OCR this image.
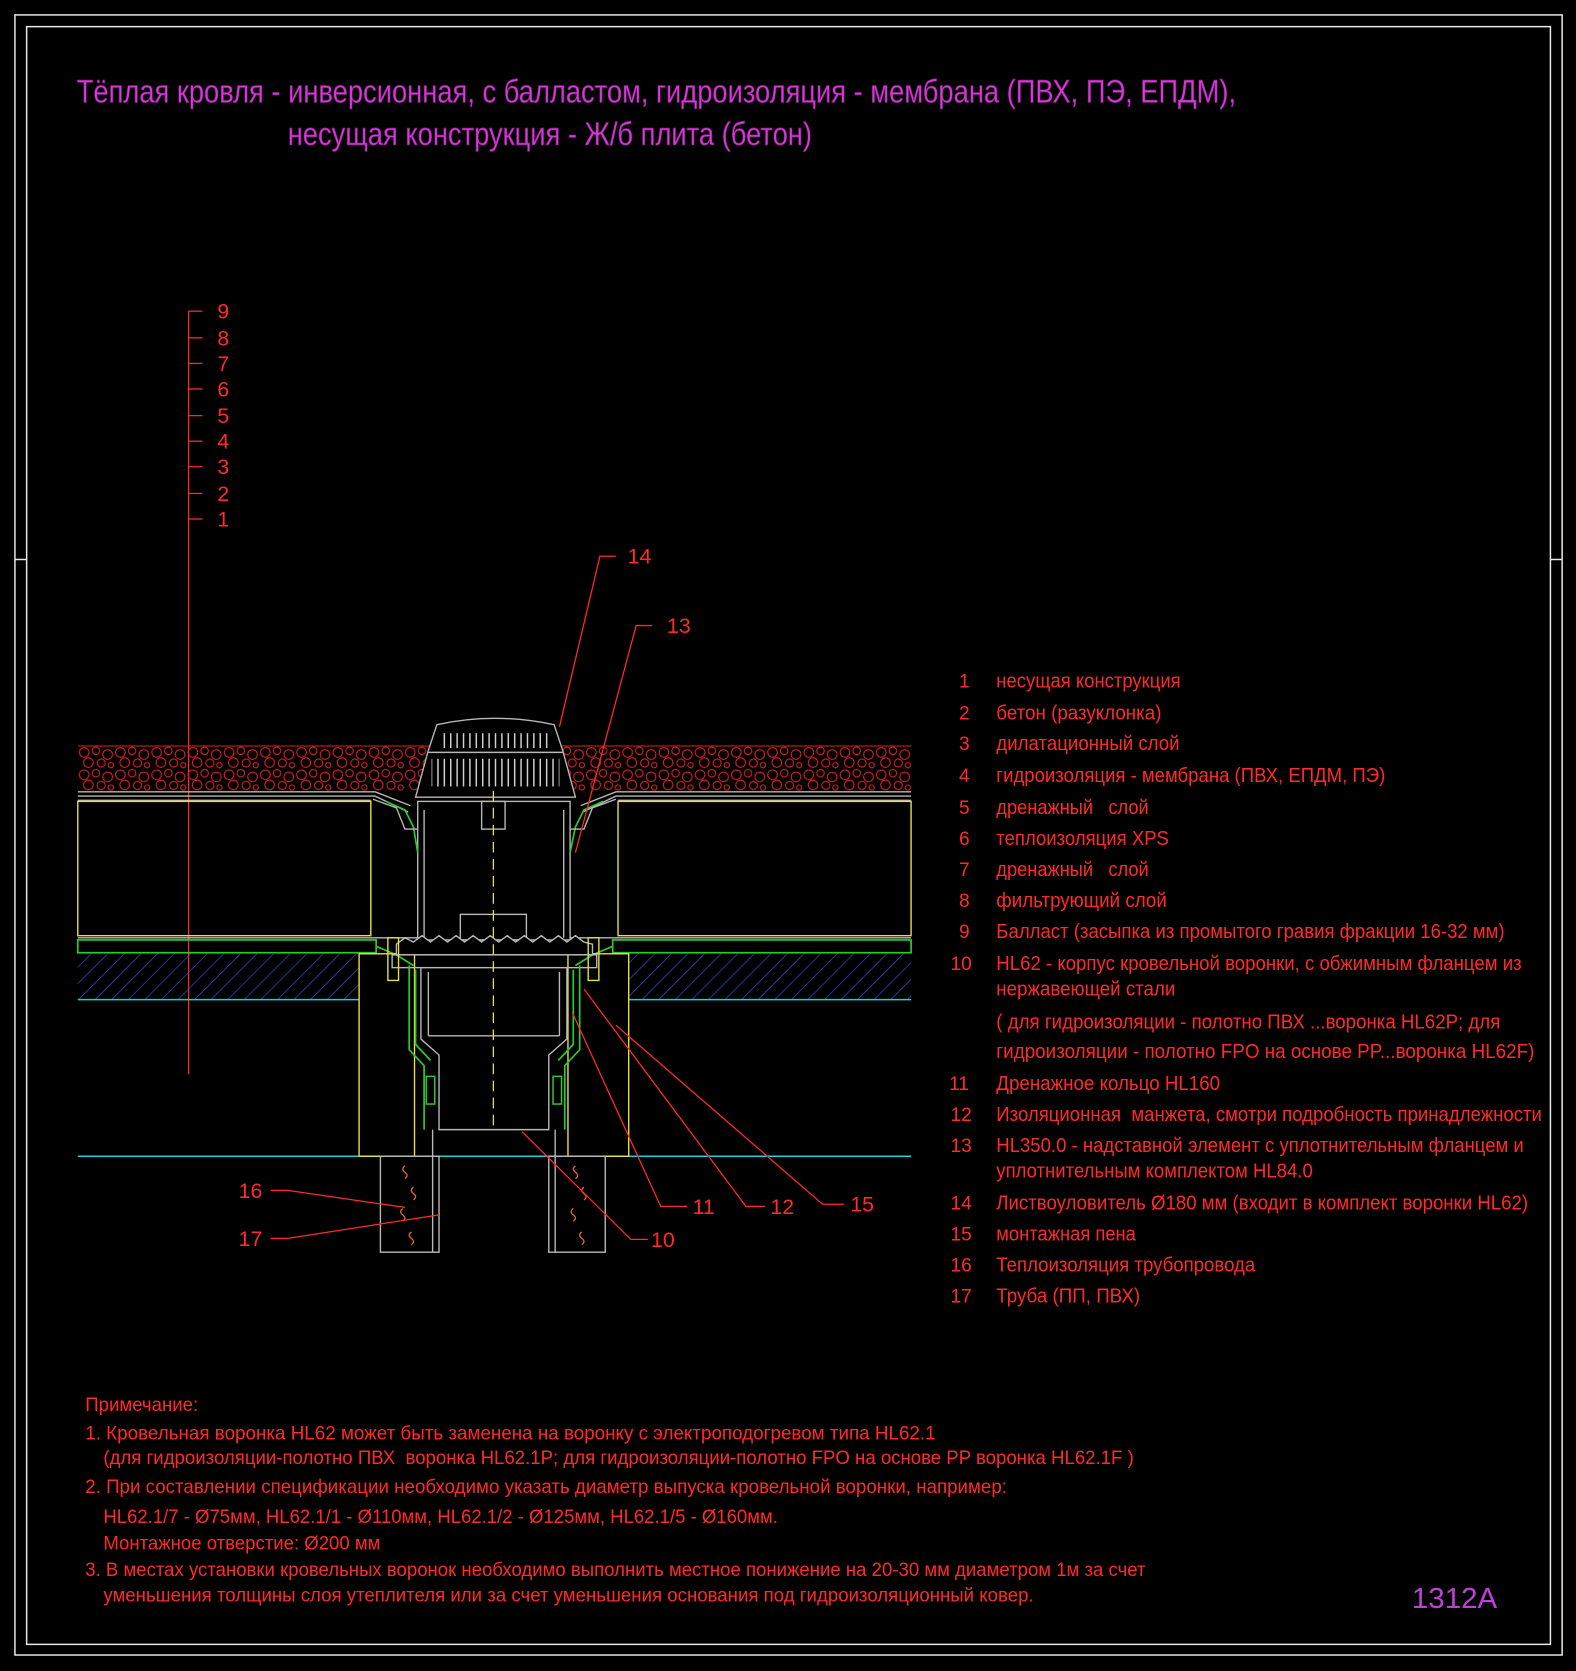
Тёплая кровля - инверсионная, с балластом, гидроизоляция - мембрана (ПВХ, ПЭ, ЕПДМ),
несущая конструкция - Ж/б плита (бетон)
9
8
7
6
5
4
3
2
1
14
13
16
17	10
11	12	15
1 несущая конструкция
2 бетон (разуклонка)
3 дилатационный слой
4 гидроизоляция - мембрана (ПВХ, ЕПДМ, ПЭ)
5 дренажный   слой
6 теплоизоляция XPS
7 дренажный   слой
8 фильтрующий слой
9 Балласт (засыпка из промытого гравия фракции 16-32 мм)
10 HL62 - корпус кровельной воронки, с обжимным фланцем из
нержавеющей стали
( для гидроизоляции - полотно ПВХ ...воронка HL62P; для
гидроизоляции - полотно FPO на основе PP...воронка HL62F)
11 Дренажное кольцо HL160
12 Изоляционная  манжета, смотри подробность принадлежности
13 HL350.0 - надставной элемент с уплотнительным фланцем и
уплотнительным комплектом HL84.0
14 Листвоуловитель Ø180 мм (входит в комплект воронки HL62)
15 монтажная пена
16 Теплоизоляция трубопровода
17 Труба (ПП, ПВХ)
Примечание:
1. Кровельная воронка HL62 может быть заменена на воронку с электроподогревом типа HL62.1
(для гидроизоляции-полотно ПВХ  воронка HL62.1P; для гидроизоляции-полотно FPO на основе PP воронка HL62.1F )
2. При составлении спецификации необходимо указать диаметр выпуска кровельной воронки, например:
HL62.1/7 - Ø75мм, HL62.1/1 - Ø110мм, HL62.1/2 - Ø125мм, HL62.1/5 - Ø160мм.
Монтажное отверстие: Ø200 мм
3. В местах установки кровельных воронок необходимо выполнить местное понижение на 20-30 мм диаметром 1м за счет
уменьшения толщины слоя утеплителя или за счет уменьшения основания под гидроизоляционный ковер.	1312A
